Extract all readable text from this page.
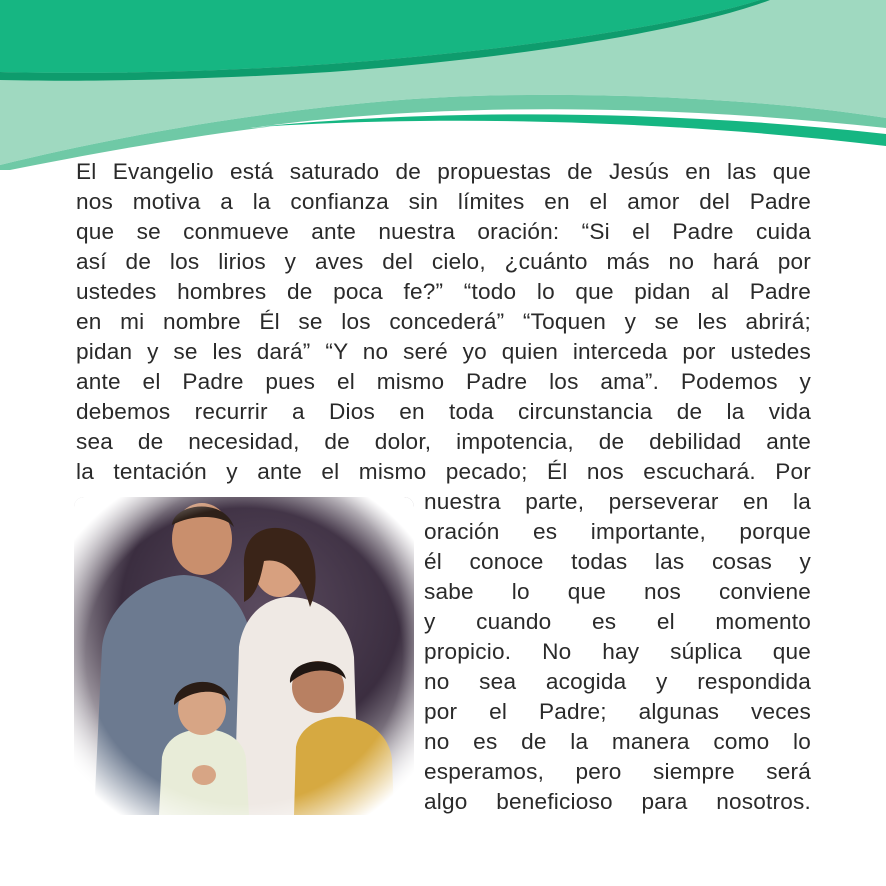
El Evangelio está saturado de propuestas de Jesús en las que
nos motiva a la confianza sin límites en el amor del Padre
que se conmueve ante nuestra oración: “Si el Padre cuida
así de los lirios y aves del cielo, ¿cuánto más no hará por
ustedes hombres de poca fe?” “todo lo que pidan al Padre
en mi nombre Él se los concederá” “Toquen y se les abrirá;
pidan y se les dará” “Y no seré yo quien interceda por ustedes
ante el Padre pues el mismo Padre los ama”. Podemos y
debemos recurrir a Dios en toda circunstancia de la vida
sea de necesidad, de dolor, impotencia, de debilidad ante
la tentación y ante el mismo pecado; Él nos escuchará. Por
nuestra parte, perseverar en la
oración es importante, porque
él conoce todas las cosas y
sabe lo que nos conviene
y cuando es el momento
propicio. No hay súplica que
no sea acogida y respondida
por el Padre; algunas veces
no es de la manera como lo
esperamos, pero siempre será
algo beneficioso para nosotros.
